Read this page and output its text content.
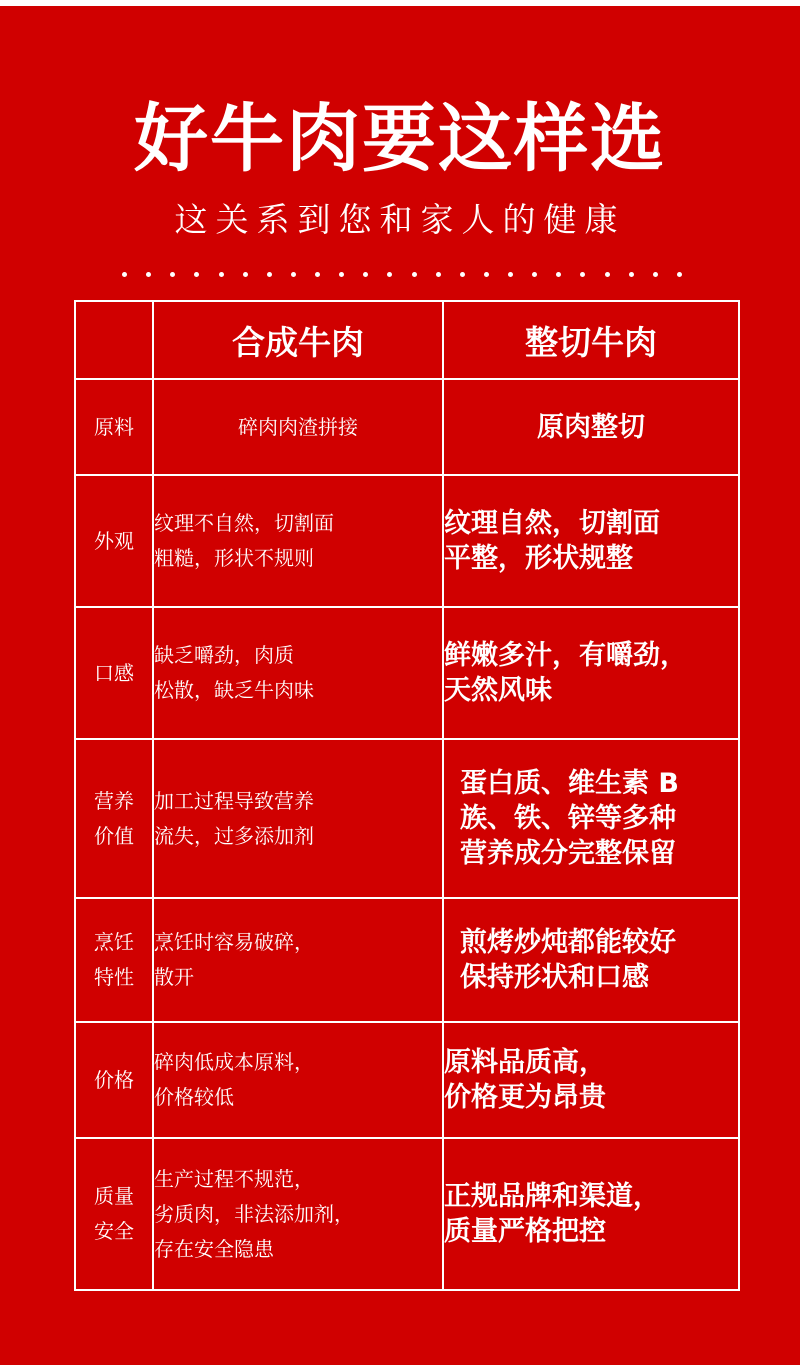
好牛肉要这样选
这关系到您和家人的健康
	合成牛肉	整切牛肉

原料	碎肉肉渣拼接	原肉整切

外观	纹理不自然，切割面
粗糙，形状不规则	纹理自然，切割面
平整，形状规整

口感	缺乏嚼劲，肉质
松散，缺乏牛肉味	鲜嫩多汁，有嚼劲，
天然风味

营养
价值	加工过程导致营养
流失，过多添加剂	蛋白质、维生素 B
族、铁、锌等多种
营养成分完整保留

烹饪
特性	烹饪时容易破碎，
散开	煎烤炒炖都能较好
保持形状和口感

价格	碎肉低成本原料，
价格较低	原料品质高，
价格更为昂贵

质量
安全	生产过程不规范，
劣质肉，非法添加剂，
存在安全隐患	正规品牌和渠道，
质量严格把控
